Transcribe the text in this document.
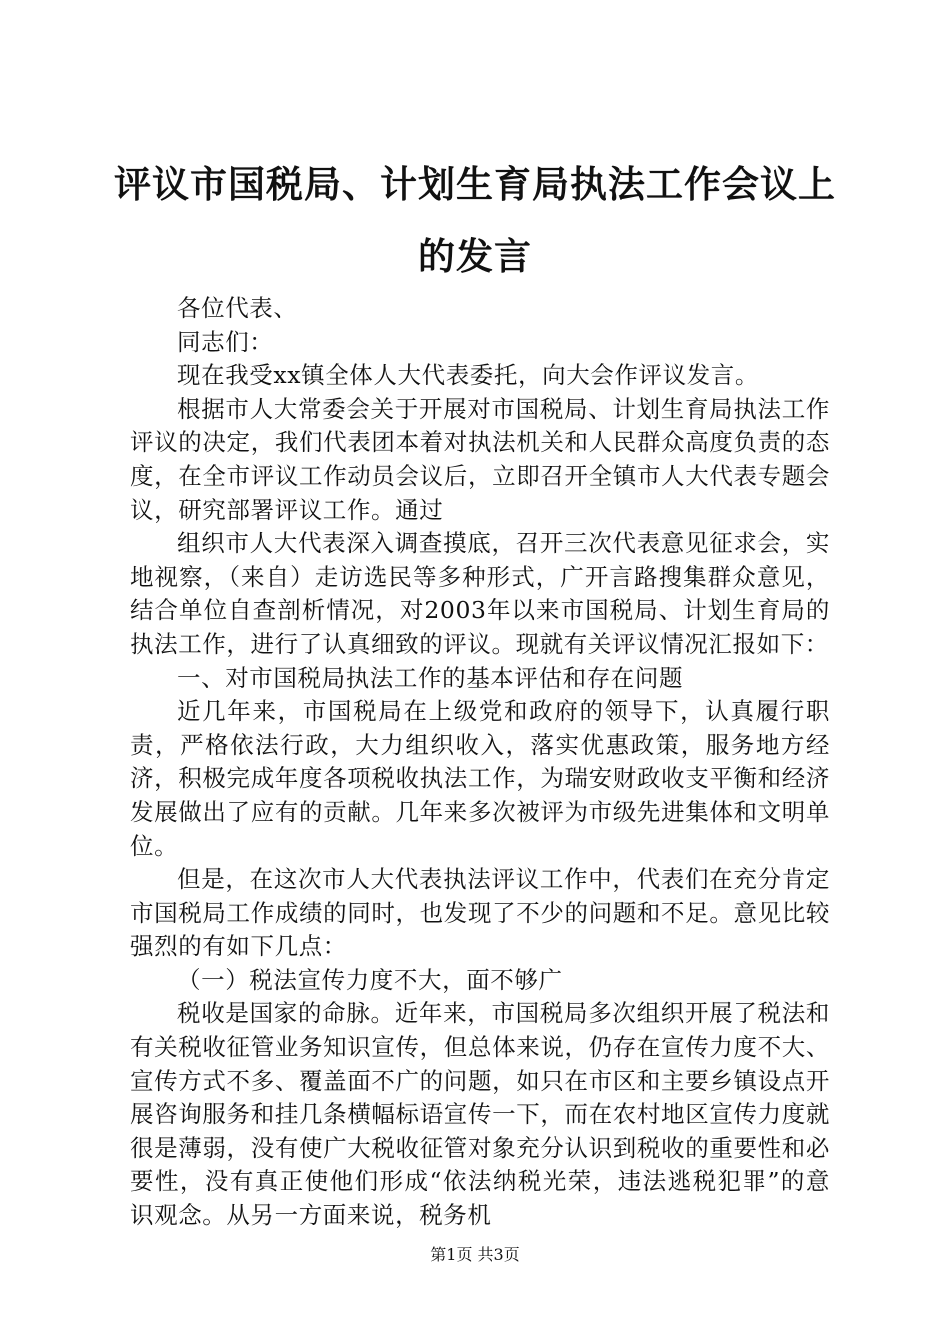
评议市国税局、计划生育局执法工作会议上的发言

各位代表、

同志们：

现在我受xx镇全体人大代表委托，向大会作评议发言。

根据市人大常委会关于开展对市国税局、计划生育局执法工作评议的决定，我们代表团本着对执法机关和人民群众高度负责的态度，在全市评议工作动员会议后，立即召开全镇市人大代表专题会议，研究部署评议工作。通过

组织市人大代表深入调查摸底，召开三次代表意见征求会，实地视察，（来自）走访选民等多种形式，广开言路搜集群众意见，结合单位自查剖析情况，对2003年以来市国税局、计划生育局的执法工作，进行了认真细致的评议。现就有关评议情况汇报如下：

一、对市国税局执法工作的基本评估和存在问题

近几年来，市国税局在上级党和政府的领导下，认真履行职责，严格依法行政，大力组织收入，落实优惠政策，服务地方经济，积极完成年度各项税收执法工作，为瑞安财政收支平衡和经济发展做出了应有的贡献。几年来多次被评为市级先进集体和文明单位。

但是，在这次市人大代表执法评议工作中，代表们在充分肯定市国税局工作成绩的同时，也发现了不少的问题和不足。意见比较强烈的有如下几点：

（一）税法宣传力度不大，面不够广

税收是国家的命脉。近年来，市国税局多次组织开展了税法和有关税收征管业务知识宣传，但总体来说，仍存在宣传力度不大、宣传方式不多、覆盖面不广的问题，如只在市区和主要乡镇设点开展咨询服务和挂几条横幅标语宣传一下，而在农村地区宣传力度就很是薄弱，没有使广大税收征管对象充分认识到税收的重要性和必要性，没有真正使他们形成“依法纳税光荣，违法逃税犯罪”的意识观念。从另一方面来说，税务机

第1页 共3页
